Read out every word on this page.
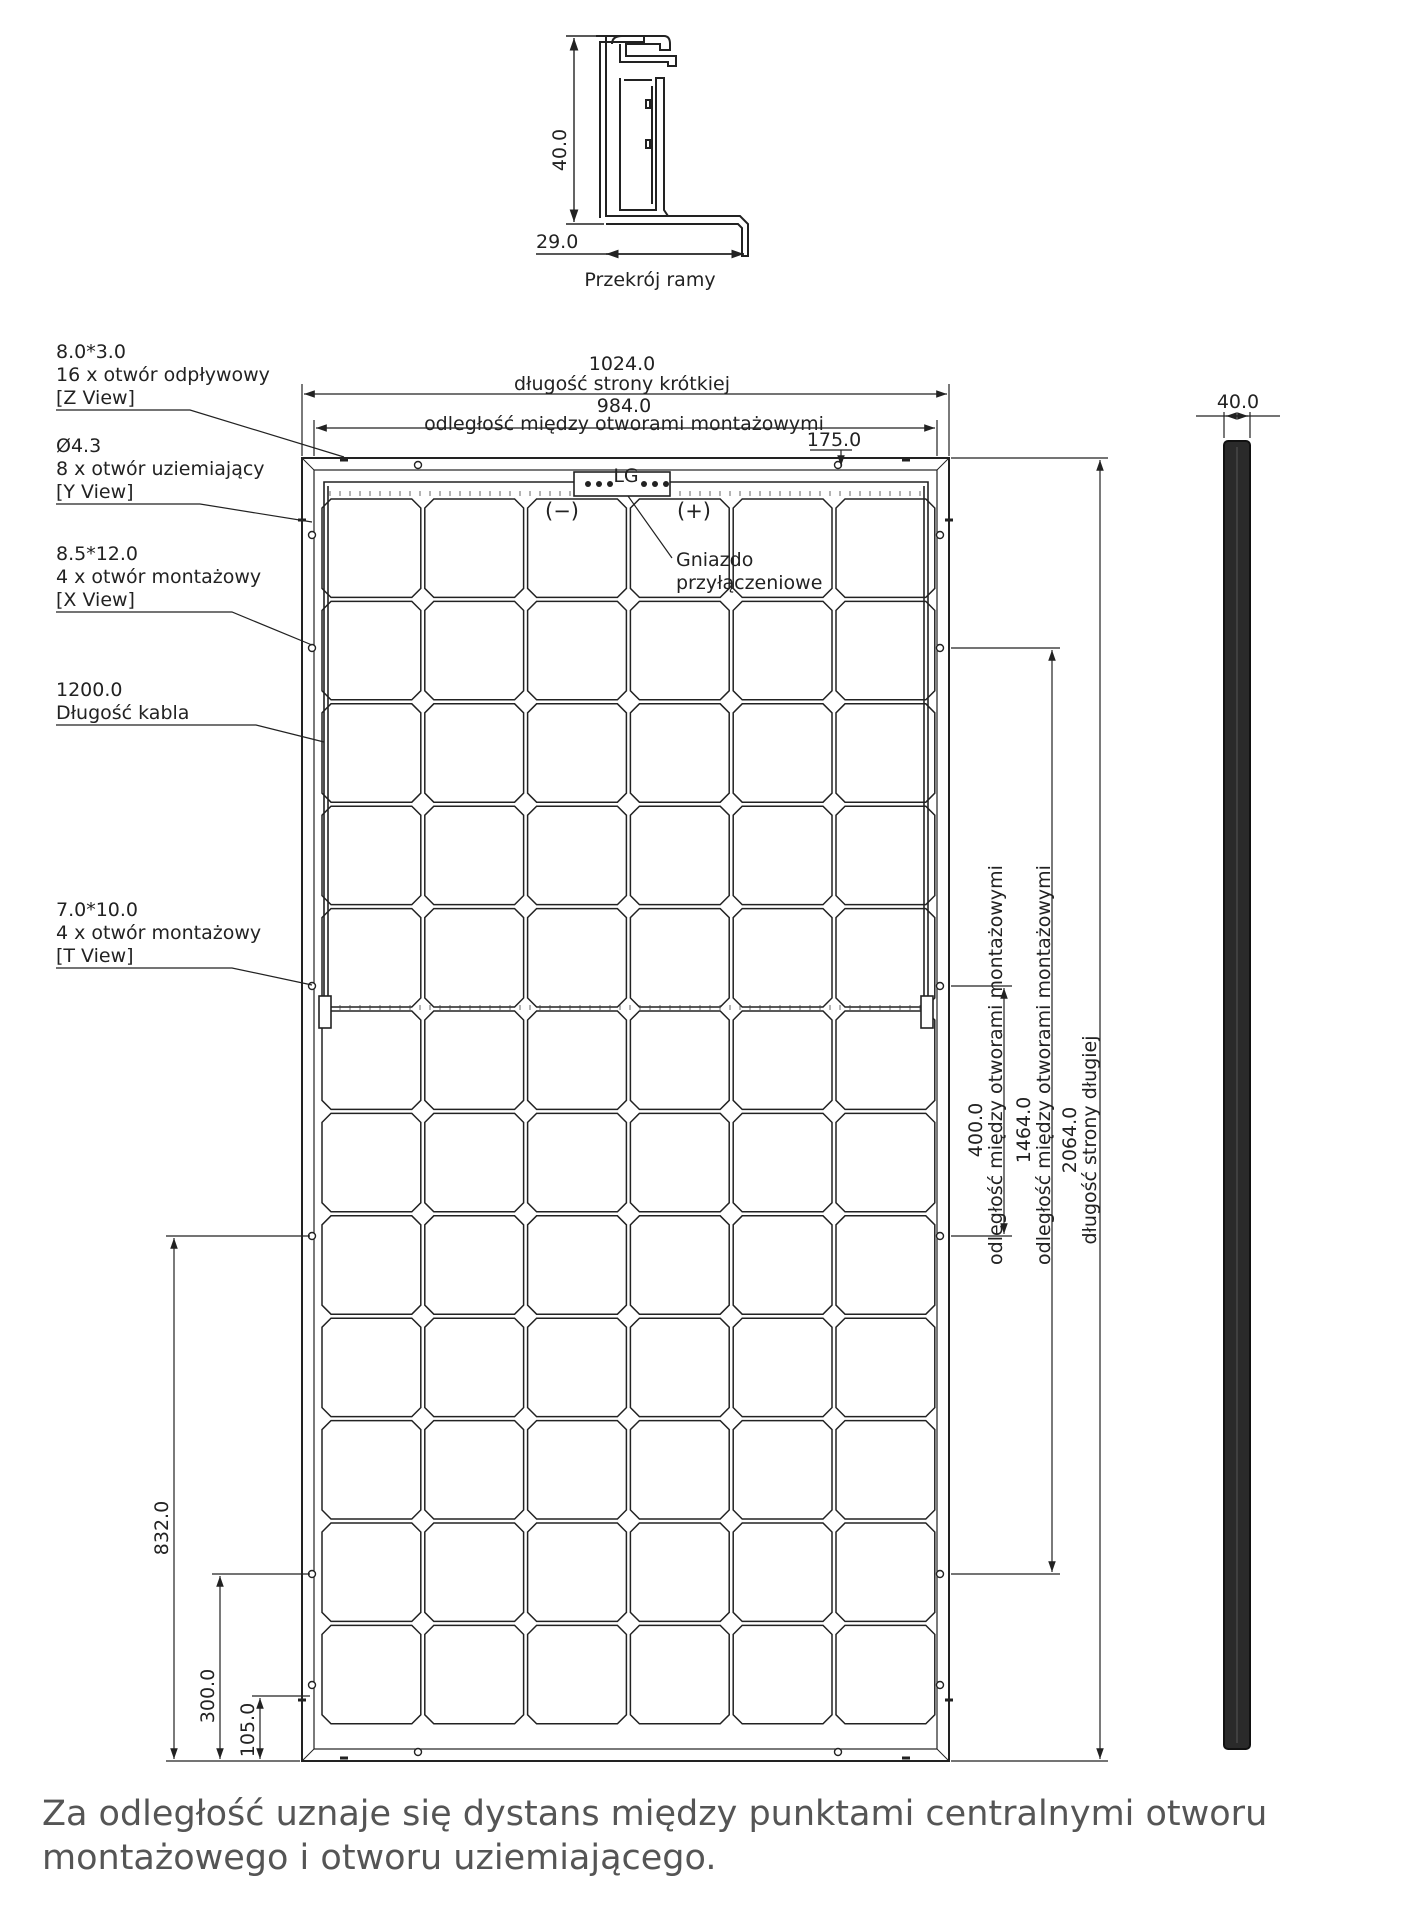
40.0
29.0
Przekrój ramy
LG
(−)	(+)
Gniazdo
przyłączeniowe
8.0*3.0
16 x otwór odpływowy
[Z View]
Ø4.3
8 x otwór uziemiający
[Y View]
8.5*12.0
4 x otwór montażowy
[X View]
1200.0
Długość kabla
7.0*10.0
4 x otwór montażowy
[T View]
1024.0
długość strony krótkiej
984.0
odległość między otworami montażowymi
175.0
400.0
odległość między otworami montażowymi 1464.0
odległość między otworami montażowymi 2064.0
długość strony długiej
832.0
300.0
105.0
40.0
Za odległość uznaje się dystans między punktami centralnymi otworu montażowego i otworu uziemiającego.
